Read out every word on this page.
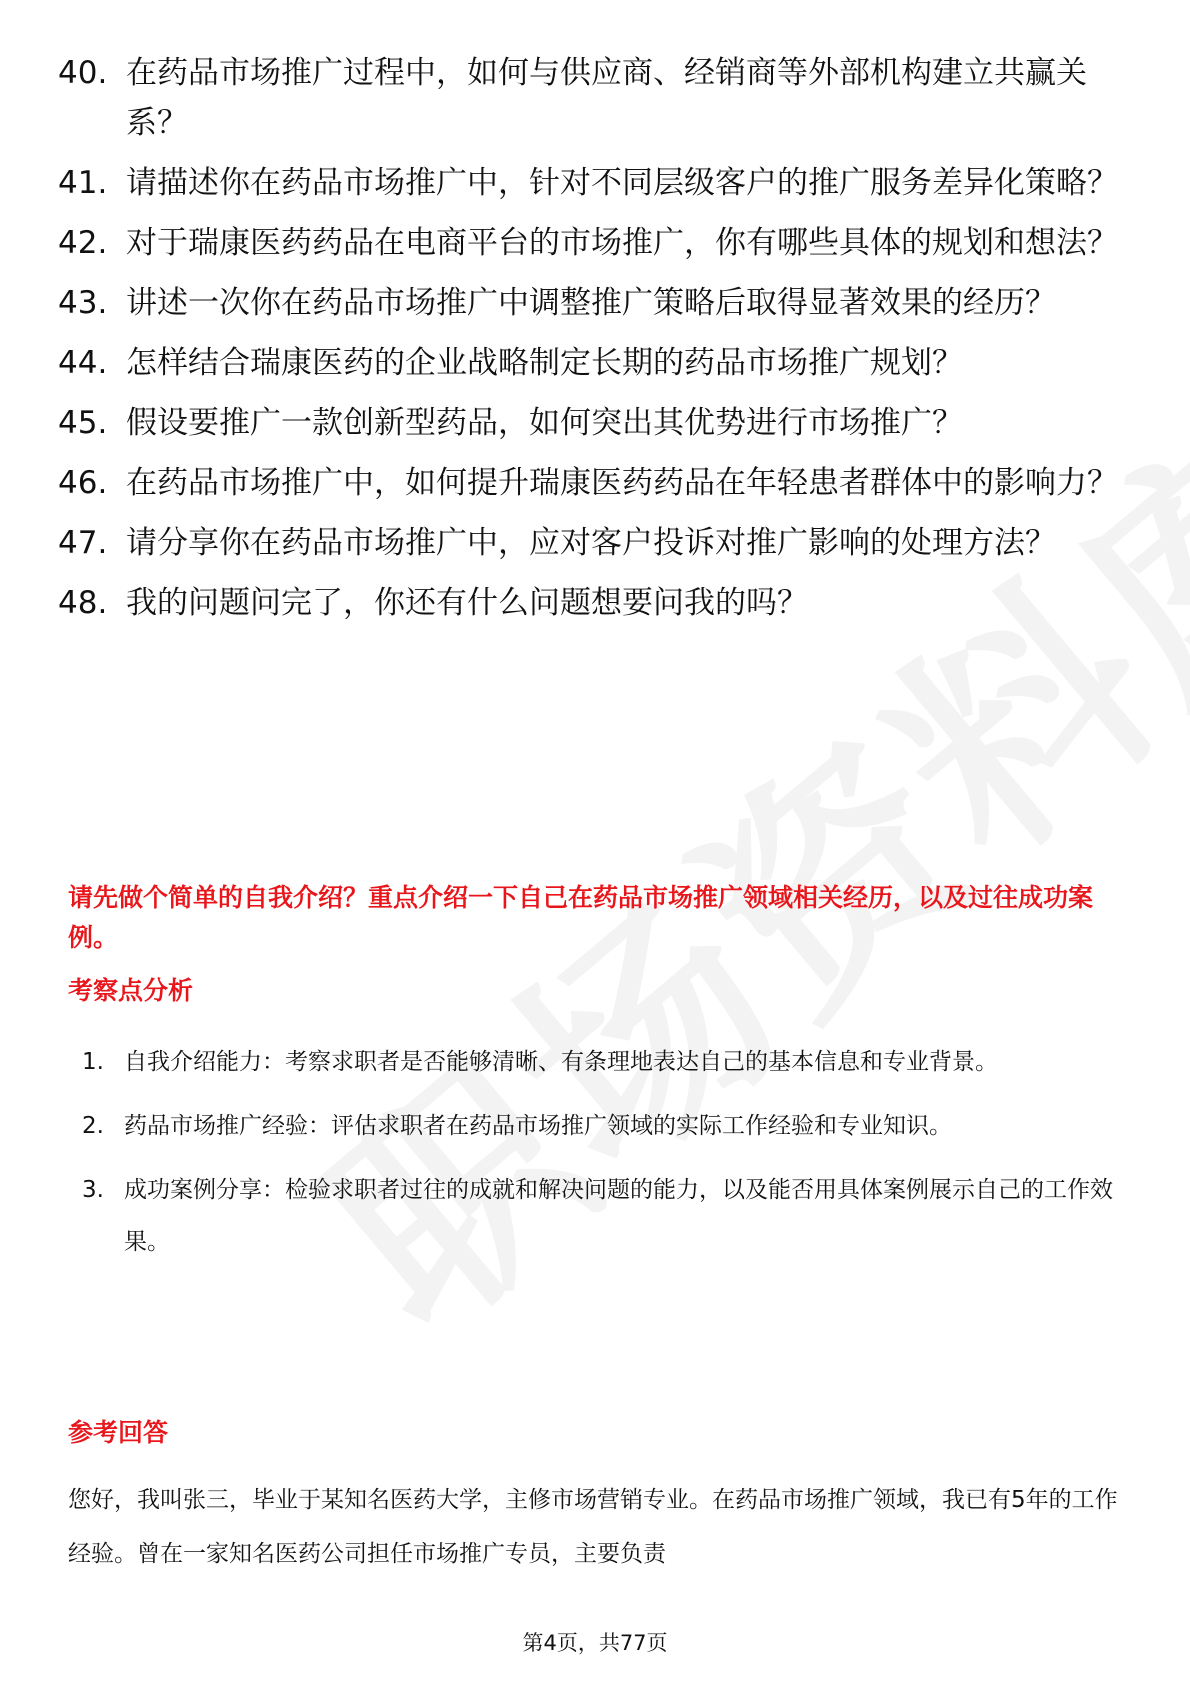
40. 在药品市场推广过程中，如何与供应商、经销商等外部机构建立共赢关系？
41. 请描述你在药品市场推广中，针对不同层级客户的推广服务差异化策略？
42. 对于瑞康医药药品在电商平台的市场推广，你有哪些具体的规划和想法？
43. 讲述一次你在药品市场推广中调整推广策略后取得显著效果的经历？
44. 怎样结合瑞康医药的企业战略制定长期的药品市场推广规划？
45. 假设要推广一款创新型药品，如何突出其优势进行市场推广？
46. 在药品市场推广中，如何提升瑞康医药药品在年轻患者群体中的影响力？
47. 请分享你在药品市场推广中，应对客户投诉对推广影响的处理方法？
48. 我的问题问完了，你还有什么问题想要问我的吗？
请先做个简单的自我介绍？重点介绍一下自己在药品市场推广领域相关经历，以及过往成功案例。
考察点分析
1. 自我介绍能力：考察求职者是否能够清晰、有条理地表达自己的基本信息和专业背景。
2. 药品市场推广经验：评估求职者在药品市场推广领域的实际工作经验和专业知识。
3. 成功案例分享：检验求职者过往的成就和解决问题的能力，以及能否用具体案例展示自己的工作效果。
参考回答

您好，我叫张三，毕业于某知名医药大学，主修市场营销专业。在药品市场推广领域，我已有5年的工作经验。曾在一家知名医药公司担任市场推广专员，主要负责

第4页，共77页
